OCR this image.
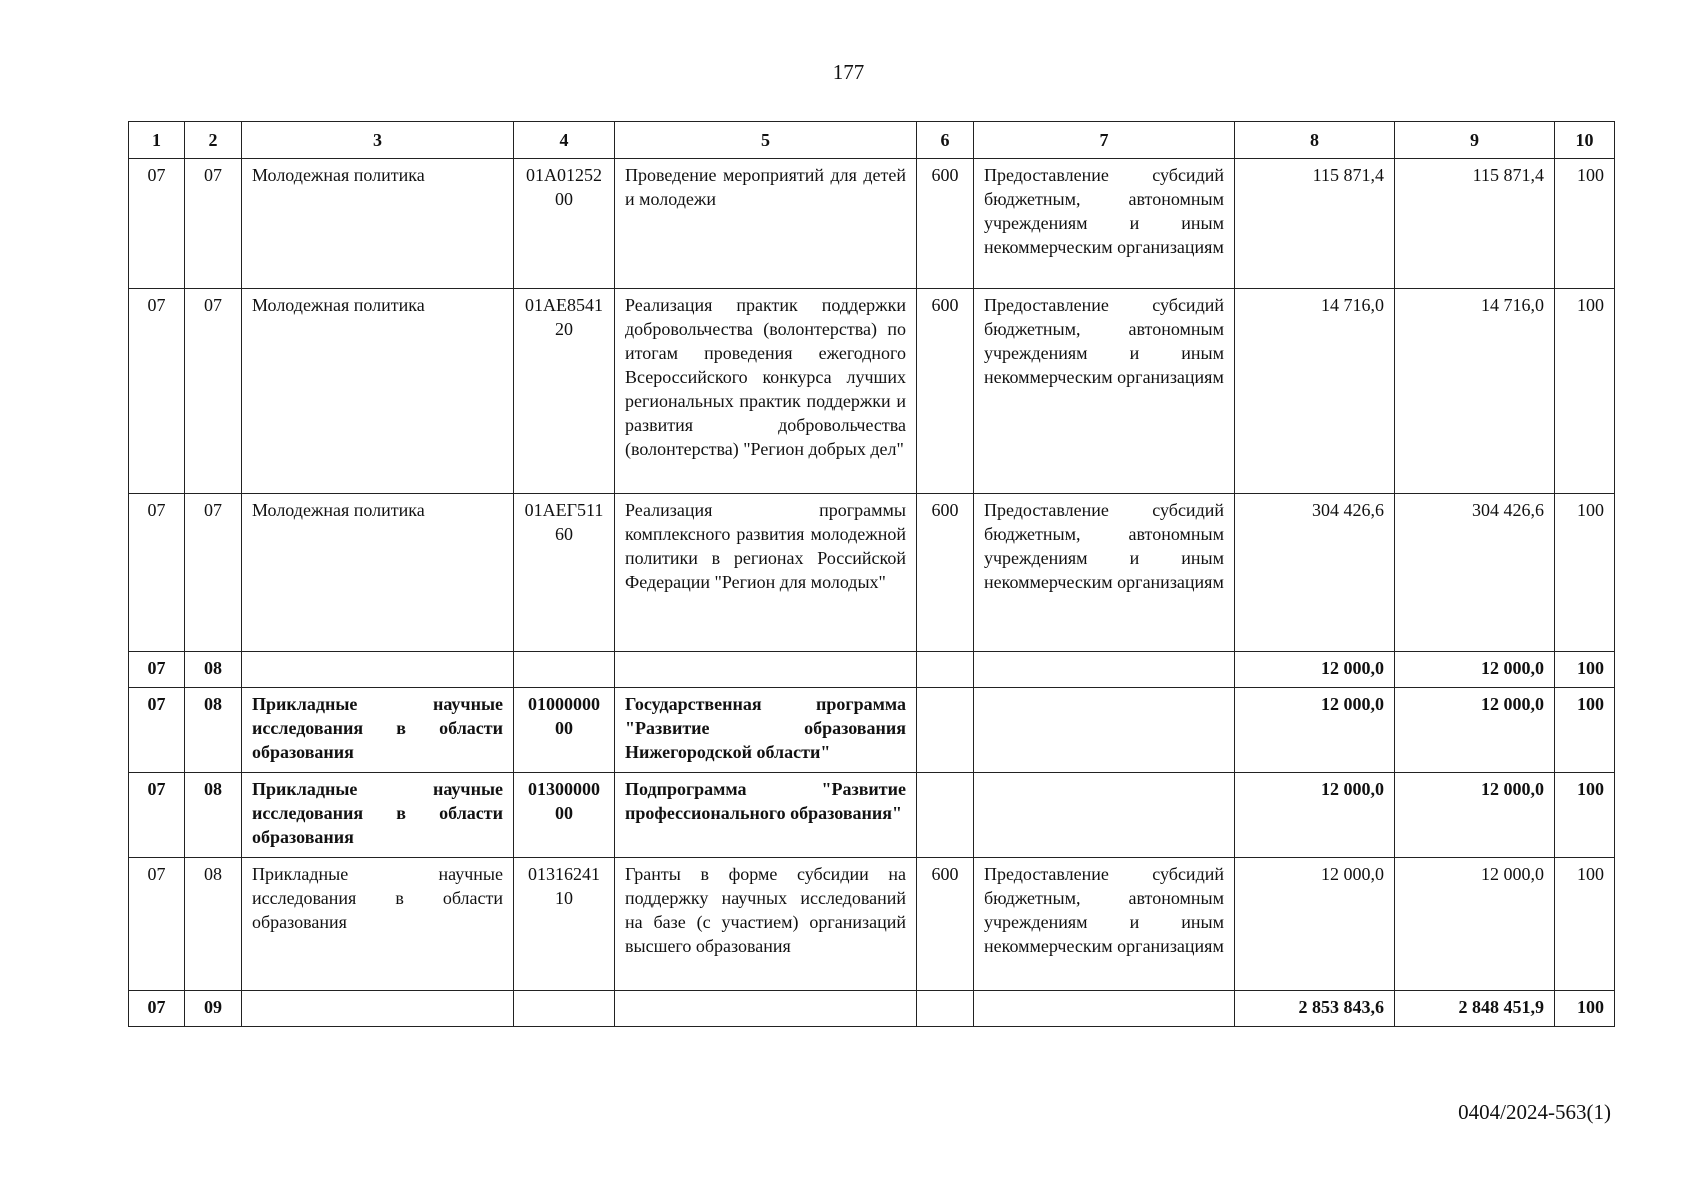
177
1	2	3	4	5	6	7	8	9	10
07	07	Молодежная политика	01А0125200	Проведение мероприятий для детей и молодежи	600	Предоставление субсидий бюджетным, автономным учреждениям и иным некоммерческим организациям	115 871,4	115 871,4	100
07	07	Молодежная политика	01АЕ854120	Реализация практик поддержки добровольчества (волонтерства) по итогам проведения ежегодного Всероссийского конкурса лучших региональных практик поддержки и развития добровольчества (волонтерства) "Регион добрых дел"	600	Предоставление субсидий бюджетным, автономным учреждениям и иным некоммерческим организациям	14 716,0	14 716,0	100
07	07	Молодежная политика	01АЕГ51160	Реализация программы комплексного развития молодежной политики в регионах Российской Федерации "Регион для молодых"	600	Предоставление субсидий бюджетным, автономным учреждениям и иным некоммерческим организациям	304 426,6	304 426,6	100
07	08						12 000,0	12 000,0	100
07	08	Прикладные научные исследования в области образования	0100000000	Государственная программа "Развитие образования Нижегородской области"			12 000,0	12 000,0	100
07	08	Прикладные научные исследования в области образования	0130000000	Подпрограмма "Развитие профессионального образования"			12 000,0	12 000,0	100
07	08	Прикладные научные исследования в области образования	0131624110	Гранты в форме субсидии на поддержку научных исследований на базе (с участием) организаций высшего образования	600	Предоставление субсидий бюджетным, автономным учреждениям и иным некоммерческим организациям	12 000,0	12 000,0	100
07	09						2 853 843,6	2 848 451,9	100
0404/2024-563(1)
